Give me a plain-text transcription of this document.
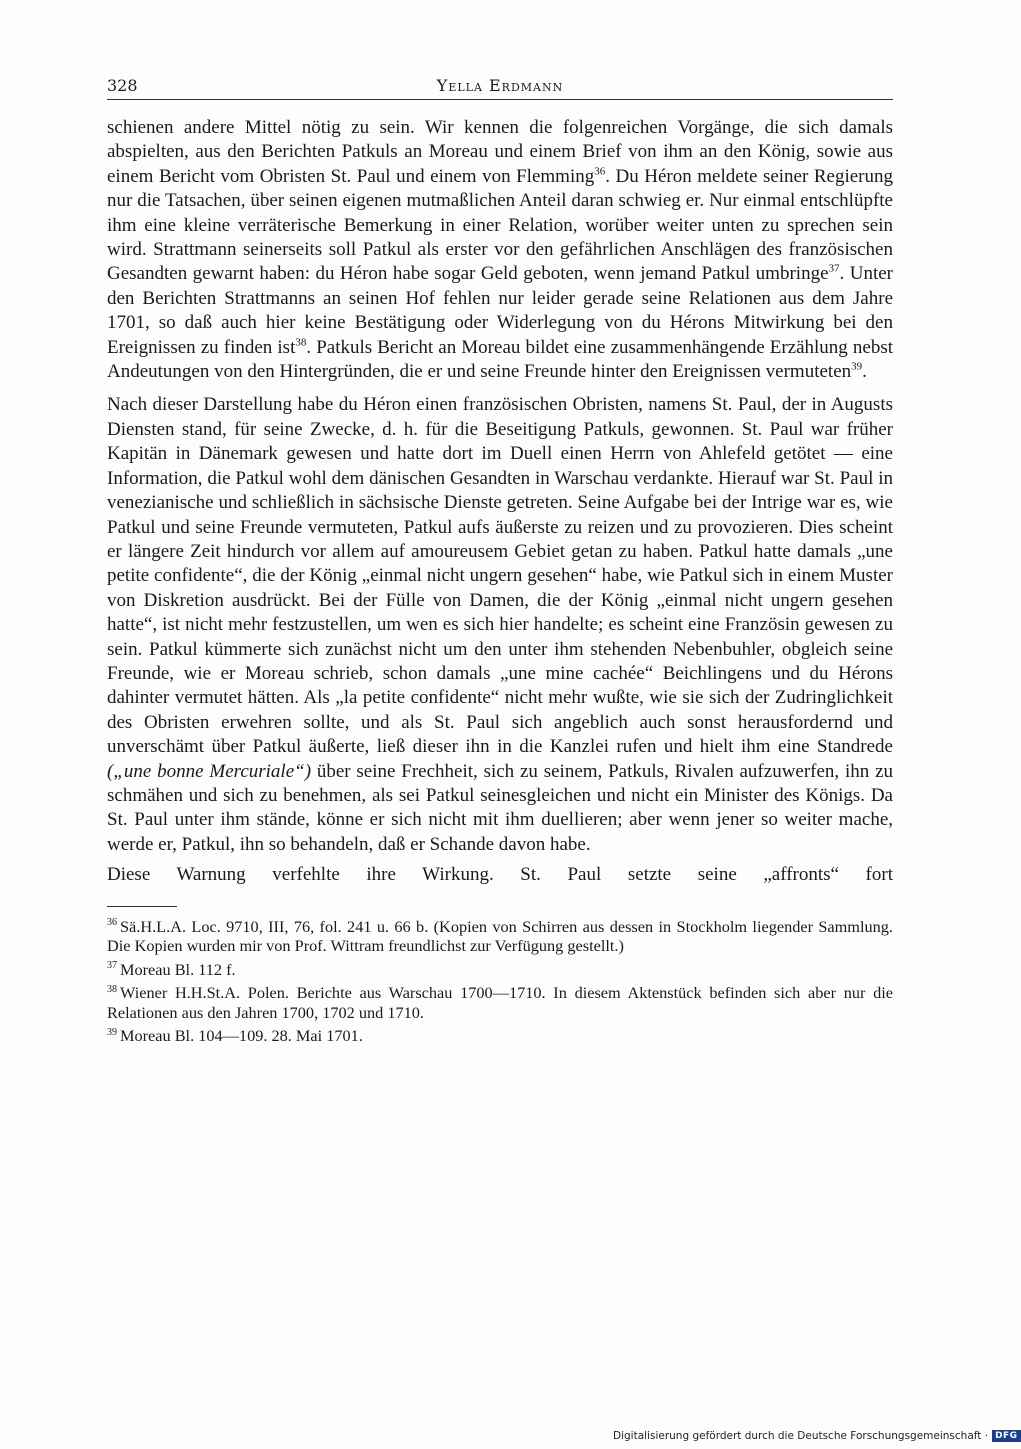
328	Yella Erdmann

schienen andere Mittel nötig zu sein. Wir kennen die folgenreichen Vorgänge, die sich damals abspielten, aus den Berichten Patkuls an Moreau und einem Brief von ihm an den König, sowie aus einem Bericht vom Obristen St. Paul und einem von Flemming$^{36}$. Du Héron meldete seiner Regierung nur die Tatsachen, über seinen eigenen mutmaßlichen Anteil daran schwieg er. Nur einmal entschlüpfte ihm eine kleine verräterische Bemerkung in einer Relation, worüber weiter unten zu sprechen sein wird. Strattmann seinerseits soll Patkul als erster vor den gefährlichen Anschlägen des französischen Gesandten gewarnt haben: du Héron habe sogar Geld geboten, wenn jemand Patkul umbringe$^{37}$. Unter den Berichten Strattmanns an seinen Hof fehlen nur leider gerade seine Relationen aus dem Jahre 1701, so daß auch hier keine Bestätigung oder Widerlegung von du Hérons Mitwirkung bei den Ereignissen zu finden ist$^{38}$. Patkuls Bericht an Moreau bildet eine zusammenhängende Erzählung nebst Andeutungen von den Hintergründen, die er und seine Freunde hinter den Ereignissen vermuteten$^{39}$.

Nach dieser Darstellung habe du Héron einen französischen Obristen, namens St. Paul, der in Augusts Diensten stand, für seine Zwecke, d. h. für die Beseitigung Patkuls, gewonnen. St. Paul war früher Kapitän in Dänemark gewesen und hatte dort im Duell einen Herrn von Ahlefeld getötet — eine Information, die Patkul wohl dem dänischen Gesandten in Warschau verdankte. Hierauf war St. Paul in venezianische und schließlich in sächsische Dienste getreten. Seine Aufgabe bei der Intrige war es, wie Patkul und seine Freunde vermuteten, Patkul aufs äußerste zu reizen und zu provozieren. Dies scheint er längere Zeit hindurch vor allem auf amoureusem Gebiet getan zu haben. Patkul hatte damals „une petite confidente“, die der König „einmal nicht ungern gesehen“ habe, wie Patkul sich in einem Muster von Diskretion ausdrückt. Bei der Fülle von Damen, die der König „einmal nicht ungern gesehen hatte“, ist nicht mehr festzustellen, um wen es sich hier handelte; es scheint eine Französin gewesen zu sein. Patkul kümmerte sich zunächst nicht um den unter ihm stehenden Nebenbuhler, obgleich seine Freunde, wie er Moreau schrieb, schon damals „une mine cachée“ Beichlingens und du Hérons dahinter vermutet hätten. Als „la petite confidente“ nicht mehr wußte, wie sie sich der Zudringlichkeit des Obristen erwehren sollte, und als St. Paul sich angeblich auch sonst herausfordernd und unverschämt über Patkul äußerte, ließ dieser ihn in die Kanzlei rufen und hielt ihm eine Standrede („une bonne Mercuriale“) über seine Frechheit, sich zu seinem, Patkuls, Rivalen aufzuwerfen, ihn zu schmähen und sich zu benehmen, als sei Patkul seinesgleichen und nicht ein Minister des Königs. Da St. Paul unter ihm stände, könne er sich nicht mit ihm duellieren; aber wenn jener so weiter mache, werde er, Patkul, ihn so behandeln, daß er Schande davon habe.

Diese Warnung verfehlte ihre Wirkung. St. Paul setzte seine „affronts“ fort

$^{36}$ Sä.H.L.A. Loc. 9710, III, 76, fol. 241 u. 66 b. (Kopien von Schirren aus dessen in Stockholm liegender Sammlung. Die Kopien wurden mir von Prof. Wittram freundlichst zur Verfügung gestellt.)
$^{37}$ Moreau Bl. 112 f.
$^{38}$ Wiener H.H.St.A. Polen. Berichte aus Warschau 1700—1710. In diesem Aktenstück befinden sich aber nur die Relationen aus den Jahren 1700, 1702 und 1710.
$^{39}$ Moreau Bl. 104—109. 28. Mai 1701.
Digitalisierung gefördert durch die Deutsche Forschungsgemeinschaft · DFG
